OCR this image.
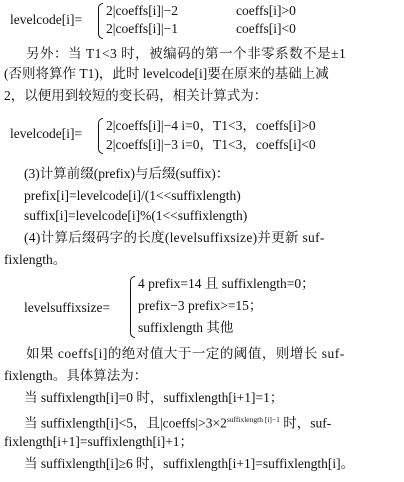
levelcode[i]=
2|coeffs[i]|−2	coeffs[i]>0
2|coeffs[i]|−1	coeffs[i]<0
另外：当 T1<3 时，被编码的第一个非零系数不是±1
(否则将算作 T1)，此时 levelcode[i]要在原来的基础上减
2，以便用到较短的变长码，相关计算式为：
levelcode[i]=
2|coeffs[i]|−4 i=0，T1<3，coeffs[i]>0
2|coeffs[i]|−3 i=0，T1<3，coeffs[i]<0
(3)计算前缀(prefix)与后缀(suffix)：
prefix[i]=levelcode[i]/(1<<suffixlength)
suffix[i]=levelcode[i]%(1<<suffixlength)
(4)计算后缀码字的长度(levelsuffixsize)并更新 suf-
fixlength。
levelsuffixsize=
4 prefix=14 且 suffixlength=0；
prefix−3 prefix>=15；
suffixlength 其他
如果 coeffs[i]的绝对值大于一定的阈值，则增长 suf-
fixlength。具体算法为：
当 suffixlength[i]=0 时，suffixlength[i+1]=1；
当 suffixlength[i]<5，且$|coeffs|>3\times 2^{suffixlength [i]-1}$ 时，suf-
fixlength[i+1]=suffixlength[i]+1；
当 suffixlength[i]≥6 时，suffixlength[i+1]=suffixlength[i]。
